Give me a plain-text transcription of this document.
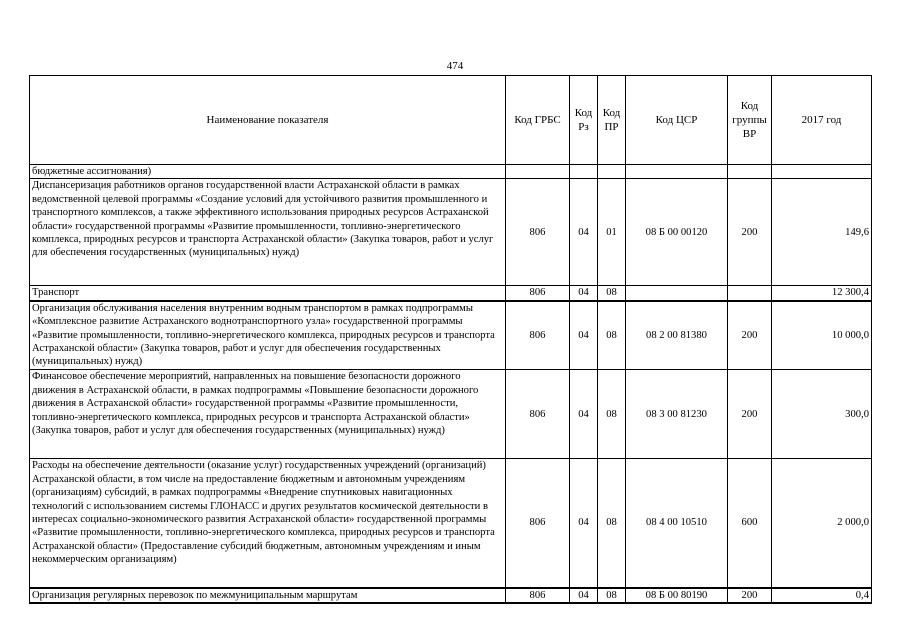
474
Наименование показателя	Код ГРБС	Код Рз	Код ПР	Код ЦСР	Код группы ВР	2017 год
бюджетные ассигнования)						
Диспансеризация работников органов государственной власти Астраханской области в рамках ведомственной целевой программы «Создание условий для устойчивого развития промышленного и транспортного комплексов, а также эффективного использования природных ресурсов Астраханской области» государственной программы «Развитие промышленности, топливно-энергетического комплекса, природных ресурсов и транспорта Астраханской области» (Закупка товаров, работ и услуг для обеспечения государственных (муниципальных) нужд)	806	04	01	08 Б 00 00120	200	149,6
Транспорт	806	04	08			12 300,4
Организация обслуживания населения внутренним водным транспортом в рамках подпрограммы «Комплексное развитие Астраханского воднотранспортного узла» государственной программы «Развитие промышленности, топливно-энергетического комплекса, природных ресурсов и транспорта Астраханской области» (Закупка товаров, работ и услуг для обеспечения государственных (муниципальных) нужд)	806	04	08	08 2 00 81380	200	10 000,0
Финансовое обеспечение мероприятий, направленных на повышение безопасности дорожного движения в Астраханской области, в рамках подпрограммы «Повышение безопасности дорожного движения в Астраханской области» государственной программы «Развитие промышленности, топливно-энергетического комплекса, природных ресурсов и транспорта Астраханской области» (Закупка товаров, работ и услуг для обеспечения государственных (муниципальных) нужд)	806	04	08	08 3 00 81230	200	300,0
Расходы на обеспечение деятельности (оказание услуг) государственных учреждений (организаций) Астраханской области, в том числе на предоставление бюджетным и автономным учреждениям (организациям) субсидий, в рамках подпрограммы «Внедрение спутниковых навигационных технологий с использованием системы ГЛОНАСС и других результатов космической деятельности в интересах социально-экономического развития Астраханской области» государственной программы «Развитие промышленности, топливно-энергетического комплекса, природных ресурсов и транспорта Астраханской области» (Предоставление субсидий бюджетным, автономным учреждениям и иным некоммерческим организациям)	806	04	08	08 4 00 10510	600	2 000,0
Организация регулярных перевозок по межмуниципальным маршрутам	806	04	08	08 Б 00 80190	200	0,4
